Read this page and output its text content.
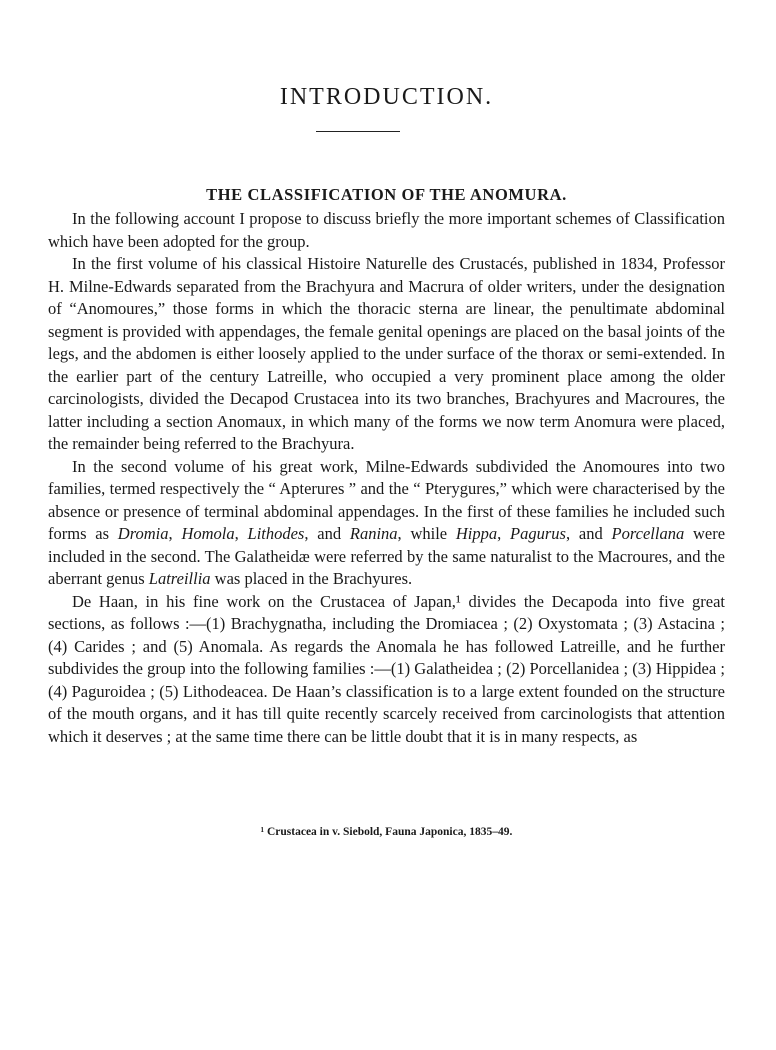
INTRODUCTION.
THE CLASSIFICATION OF THE ANOMURA.

In the following account I propose to discuss briefly the more important schemes of Classification which have been adopted for the group.

In the first volume of his classical Histoire Naturelle des Crustacés, published in 1834, Professor H. Milne-Edwards separated from the Brachyura and Macrura of older writers, under the designation of “Anomoures,” those forms in which the thoracic sterna are linear, the penultimate abdominal segment is provided with appendages, the female genital openings are placed on the basal joints of the legs, and the abdomen is either loosely applied to the under surface of the thorax or semi-extended. In the earlier part of the century Latreille, who occupied a very prominent place among the older carcinologists, divided the Decapod Crustacea into its two branches, Brachyures and Macroures, the latter including a section Anomaux, in which many of the forms we now term Anomura were placed, the remainder being referred to the Brachyura.

In the second volume of his great work, Milne-Edwards subdivided the Anomoures into two families, termed respectively the “ Apterures ” and the “ Pterygures,” which were characterised by the absence or presence of terminal abdominal appendages. In the first of these families he included such forms as Dromia, Homola, Lithodes, and Ranina, while Hippa, Pagurus, and Porcellana were included in the second. The Galatheidæ were referred by the same naturalist to the Macroures, and the aberrant genus Latreillia was placed in the Brachyures.

De Haan, in his fine work on the Crustacea of Japan,¹ divides the Decapoda into five great sections, as follows :—(1) Brachygnatha, including the Dromiacea ; (2) Oxystomata ; (3) Astacina ; (4) Carides ; and (5) Anomala. As regards the Anomala he has followed Latreille, and he further subdivides the group into the following families :—(1) Galatheidea ; (2) Porcellanidea ; (3) Hippidea ; (4) Paguroidea ; (5) Lithodeacea. De Haan’s classification is to a large extent founded on the structure of the mouth organs, and it has till quite recently scarcely received from carcinologists that attention which it deserves ; at the same time there can be little doubt that it is in many respects, as

¹ Crustacea in v. Siebold, Fauna Japonica, 1835–49.
